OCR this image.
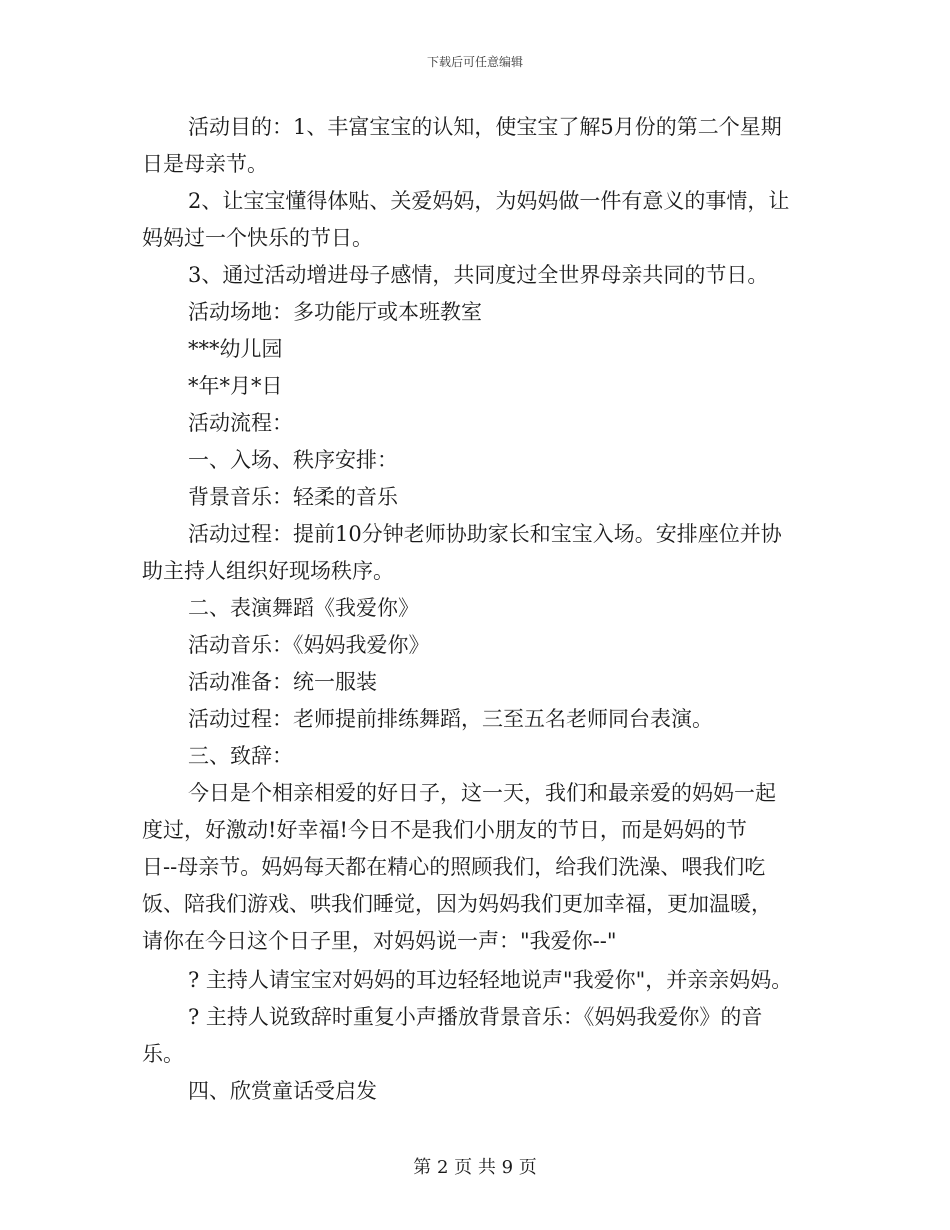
下载后可任意编辑
活动目的：1、丰富宝宝的认知，使宝宝了解5月份的第二个星期
日是母亲节。
2、让宝宝懂得体贴、关爱妈妈，为妈妈做一件有意义的事情，让
妈妈过一个快乐的节日。
3、通过活动增进母子感情，共同度过全世界母亲共同的节日。
活动场地：多功能厅或本班教室
***幼儿园
*年*月*日
活动流程：
一、入场、秩序安排：
背景音乐：轻柔的音乐
活动过程：提前10分钟老师协助家长和宝宝入场。安排座位并协
助主持人组织好现场秩序。
二、表演舞蹈《我爱你》
活动音乐：《妈妈我爱你》
活动准备：统一服装
活动过程：老师提前排练舞蹈，三至五名老师同台表演。
三、致辞：
今日是个相亲相爱的好日子，这一天，我们和最亲爱的妈妈一起
度过，好激动!好幸福!今日不是我们小朋友的节日，而是妈妈的节
日--母亲节。妈妈每天都在精心的照顾我们，给我们洗澡、喂我们吃
饭、陪我们游戏、哄我们睡觉，因为妈妈我们更加幸福，更加温暖，
请你在今日这个日子里，对妈妈说一声："我爱你--"
? 主持人请宝宝对妈妈的耳边轻轻地说声"我爱你"，并亲亲妈妈。
? 主持人说致辞时重复小声播放背景音乐：《妈妈我爱你》的音
乐。
四、欣赏童话受启发
第 2 页 共 9 页
